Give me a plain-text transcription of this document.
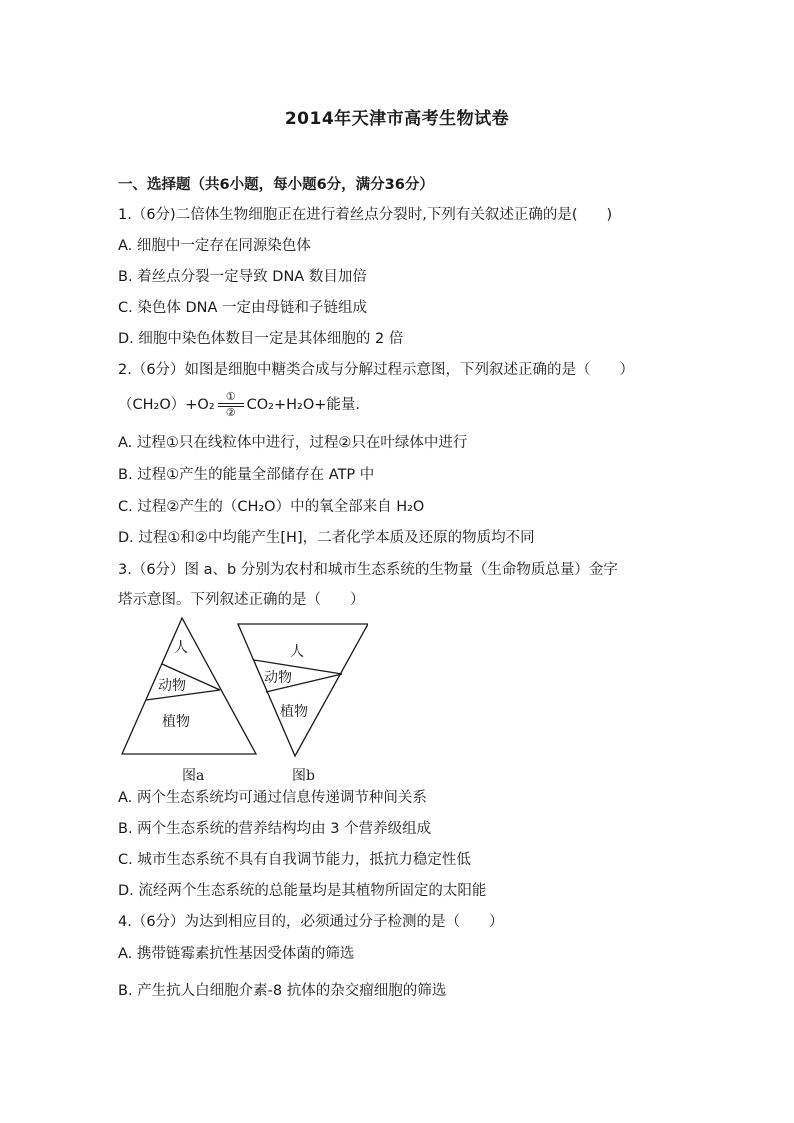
2014年天津市高考生物试卷
一、选择题（共6小题，每小题6分，满分36分）
1.（6分)二倍体生物细胞正在进行着丝点分裂时,下列有关叙述正确的是(　　)
A. 细胞中一定存在同源染色体
B. 着丝点分裂一定导致 DNA 数目加倍
C. 染色体 DNA 一定由母链和子链组成
D. 细胞中染色体数目一定是其体细胞的 2 倍
2.（6分）如图是细胞中糖类合成与分解过程示意图，下列叙述正确的是（　　）
（CH₂O）+O₂
①
② CO₂+H₂O+能量.
A. 过程①只在线粒体中进行，过程②只在叶绿体中进行
B. 过程①产生的能量全部储存在 ATP 中
C. 过程②产生的（CH₂O）中的氧全部来自 H₂O
D. 过程①和②中均能产生[H]，二者化学本质及还原的物质均不同
3.（6分）图 a、b 分别为农村和城市生态系统的生物量（生命物质总量）金字
塔示意图。下列叙述正确的是（　　）
人
动物
植物
图a
人
动物
植物
图b
A. 两个生态系统均可通过信息传递调节种间关系
B. 两个生态系统的营养结构均由 3 个营养级组成
C. 城市生态系统不具有自我调节能力，抵抗力稳定性低
D. 流经两个生态系统的总能量均是其植物所固定的太阳能
4.（6分）为达到相应目的，必须通过分子检测的是（　　）
A. 携带链霉素抗性基因受体菌的筛选
B. 产生抗人白细胞介素-8 抗体的杂交瘤细胞的筛选
